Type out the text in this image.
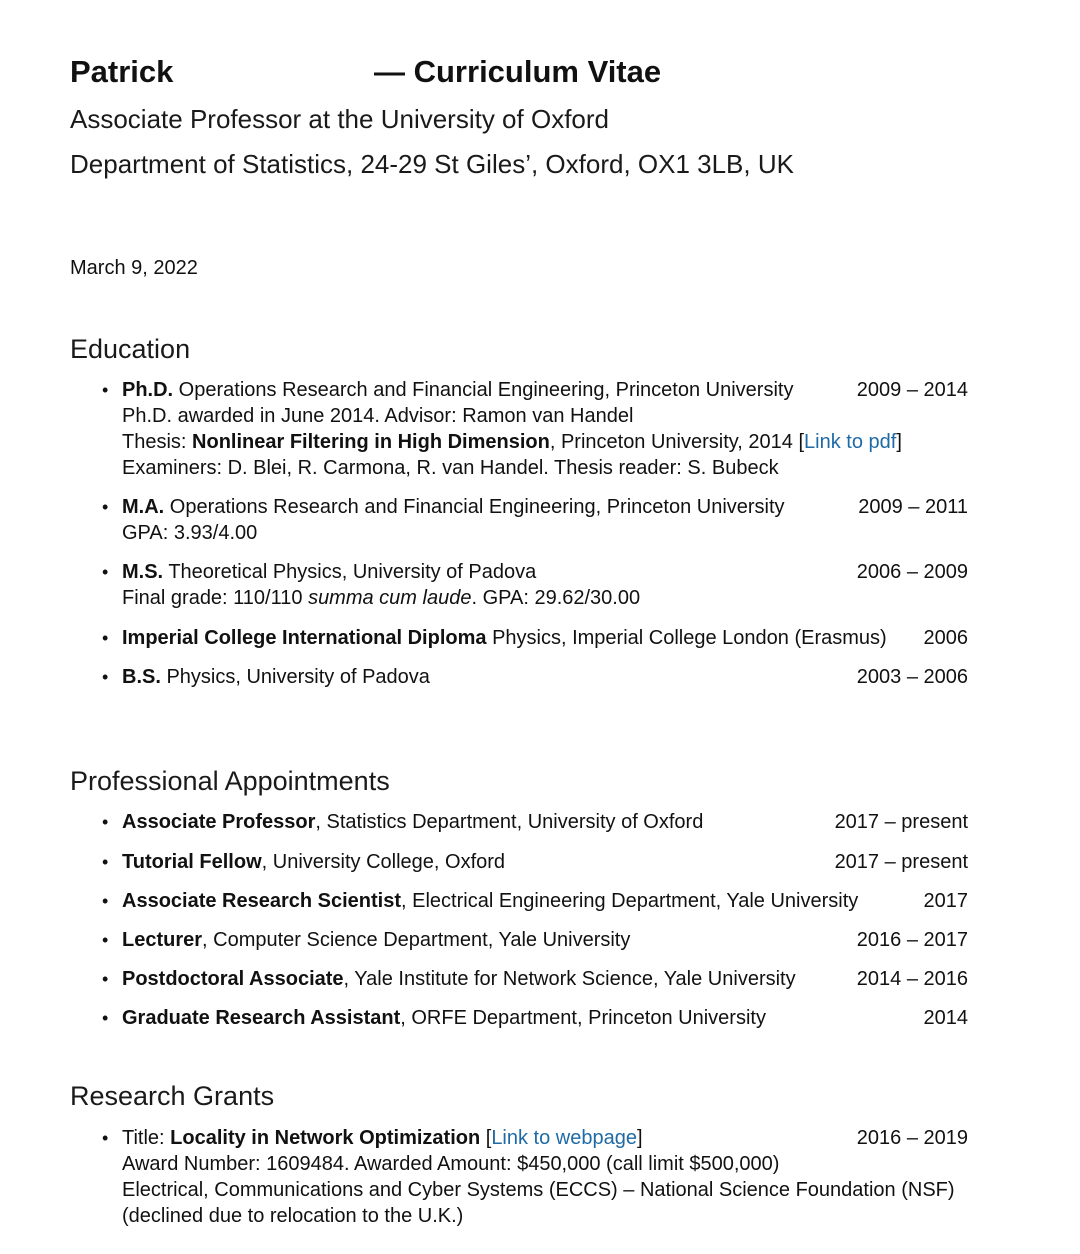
Patrick	— Curriculum Vitae
Associate Professor at the University of Oxford
Department of Statistics, 24-29 St Giles’, Oxford, OX1 3LB, UK
March 9, 2022
Education
• Ph.D. Operations Research and Financial Engineering, Princeton University	2009 – 2014
Ph.D. awarded in June 2014. Advisor: Ramon van Handel
Thesis: Nonlinear Filtering in High Dimension, Princeton University, 2014 [Link to pdf]
Examiners: D. Blei, R. Carmona, R. van Handel. Thesis reader: S. Bubeck
• M.A. Operations Research and Financial Engineering, Princeton University	2009 – 2011
GPA: 3.93/4.00
• M.S. Theoretical Physics, University of Padova	2006 – 2009
Final grade: 110/110 summa cum laude. GPA: 29.62/30.00
• Imperial College International Diploma Physics, Imperial College London (Erasmus) 2006
• B.S. Physics, University of Padova	2003 – 2006
Professional Appointments
• Associate Professor, Statistics Department, University of Oxford	2017 – present
• Tutorial Fellow, University College, Oxford	2017 – present
• Associate Research Scientist, Electrical Engineering Department, Yale University	2017
• Lecturer, Computer Science Department, Yale University	2016 – 2017
• Postdoctoral Associate, Yale Institute for Network Science, Yale University	2014 – 2016
• Graduate Research Assistant, ORFE Department, Princeton University	2014
Research Grants
• Title: Locality in Network Optimization [Link to webpage]	2016 – 2019
Award Number: 1609484. Awarded Amount: $450,000 (call limit $500,000)
Electrical, Communications and Cyber Systems (ECCS) – National Science Foundation (NSF)
(declined due to relocation to the U.K.)
